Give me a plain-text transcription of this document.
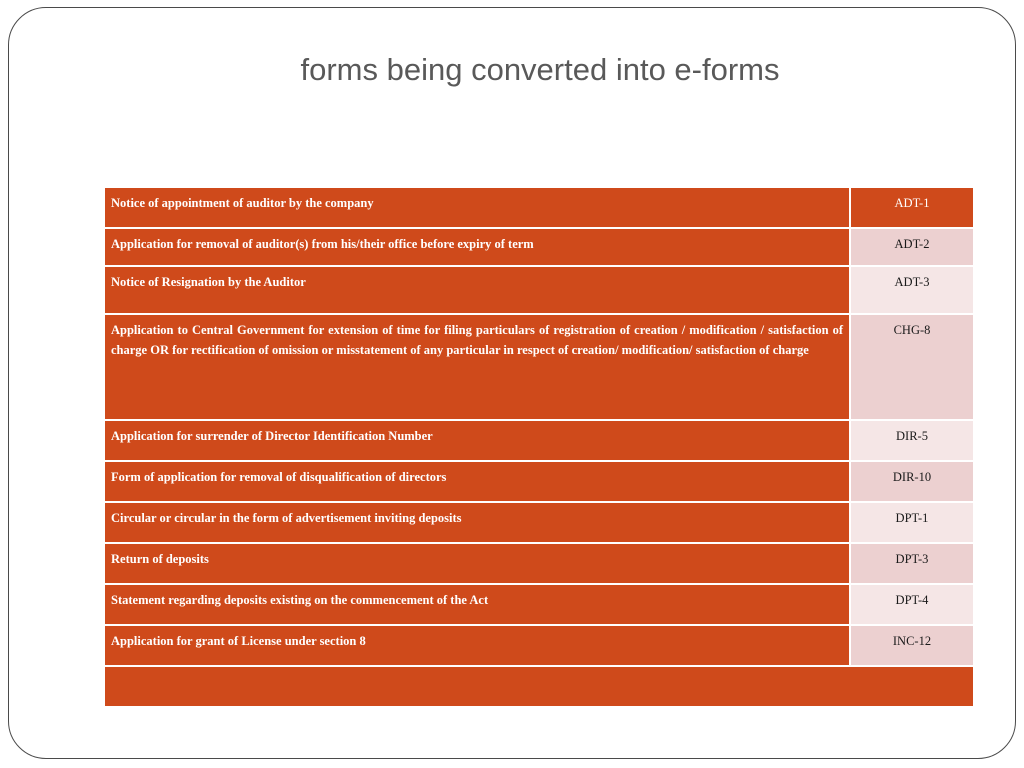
forms being converted into e-forms
Notice of appointment of auditor by the company	ADT-1
Application for removal of auditor(s) from his/their office before expiry of term	ADT-2
Notice of Resignation by the Auditor	ADT-3
Application to Central Government for extension of time for filing particulars of registration of creation / modification / satisfaction of charge OR for rectification of omission or misstatement of any particular in respect of creation/ modification/ satisfaction of charge	CHG-8
Application for surrender of Director Identification Number	DIR-5
Form of application for removal of disqualification of directors	DIR-10
Circular or circular in the form of advertisement inviting deposits	DPT-1
Return of deposits	DPT-3
Statement regarding deposits existing on the commencement of the Act	DPT-4
Application for grant of License under section 8	INC-12
